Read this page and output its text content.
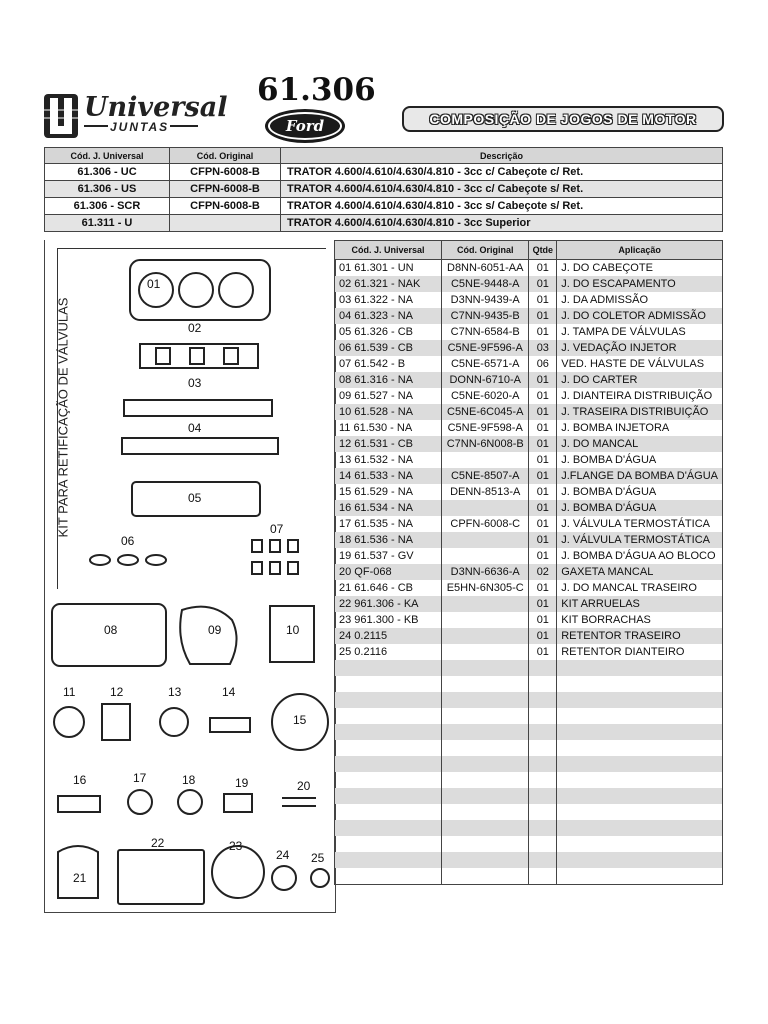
Universal
JUNTAS
61.306
Ford	COMPOSIÇÃO DE JOGOS DE MOTOR
Cód. J. Universal	Cód. Original	Descrição
61.306 - UC	CFPN-6008-B	TRATOR 4.600/4.610/4.630/4.810 - 3cc c/ Cabeçote c/ Ret.
61.306 - US	CFPN-6008-B	TRATOR 4.600/4.610/4.630/4.810 - 3cc c/ Cabeçote s/ Ret.
61.306 - SCR	CFPN-6008-B	TRATOR 4.600/4.610/4.630/4.810 - 3cc s/ Cabeçote s/ Ret.
61.311 - U		TRATOR 4.600/4.610/4.630/4.810 - 3cc Superior
KIT PARA RETIFICAÇÃO DE VÁLVULAS
01
02
03
04
05
06
07
08	09	10
11	12	13	14
15
16	17	18	19	20
21
22	23
24 25
Cód. J. Universal	Cód. Original	Qtde	Aplicação
01 61.301 - UN	D8NN-6051-AA	01	J. DO CABEÇOTE
02 61.321 - NAK	C5NE-9448-A	01	J. DO ESCAPAMENTO
03 61.322 - NA	D3NN-9439-A	01	J. DA ADMISSÃO
04 61.323 - NA	C7NN-9435-B	01	J. DO COLETOR ADMISSÃO
05 61.326 - CB	C7NN-6584-B	01	J. TAMPA DE VÁLVULAS
06 61.539 - CB	C5NE-9F596-A	03	J. VEDAÇÃO INJETOR
07 61.542 - B	C5NE-6571-A	06	VED. HASTE DE VÁLVULAS
08 61.316 - NA	DONN-6710-A	01	J. DO CARTER
09 61.527 - NA	C5NE-6020-A	01	J. DIANTEIRA DISTRIBUIÇÃO
10 61.528 - NA	C5NE-6C045-A	01	J. TRASEIRA DISTRIBUIÇÃO
11 61.530 - NA	C5NE-9F598-A	01	J. BOMBA INJETORA
12 61.531 - CB	C7NN-6N008-B	01	J. DO MANCAL
13 61.532 - NA		01	J. BOMBA D'ÁGUA
14 61.533 - NA	C5NE-8507-A	01	J.FLANGE DA BOMBA D'ÁGUA
15 61.529 - NA	DENN-8513-A	01	J. BOMBA D'ÁGUA
16 61.534 - NA		01	J. BOMBA D'ÁGUA
17 61.535 - NA	CPFN-6008-C	01	J. VÁLVULA TERMOSTÁTICA
18 61.536 - NA		01	J. VÁLVULA TERMOSTÁTICA
19 61.537 - GV		01	J. BOMBA D'ÁGUA AO BLOCO
20 QF-068	D3NN-6636-A	02	GAXETA MANCAL
21 61.646 - CB	E5HN-6N305-C	01	J. DO MANCAL TRASEIRO
22 961.306 - KA		01	KIT ARRUELAS
23 961.300 - KB		01	KIT BORRACHAS
24 0.2115		01	RETENTOR TRASEIRO
25 0.2116		01	RETENTOR DIANTEIRO
